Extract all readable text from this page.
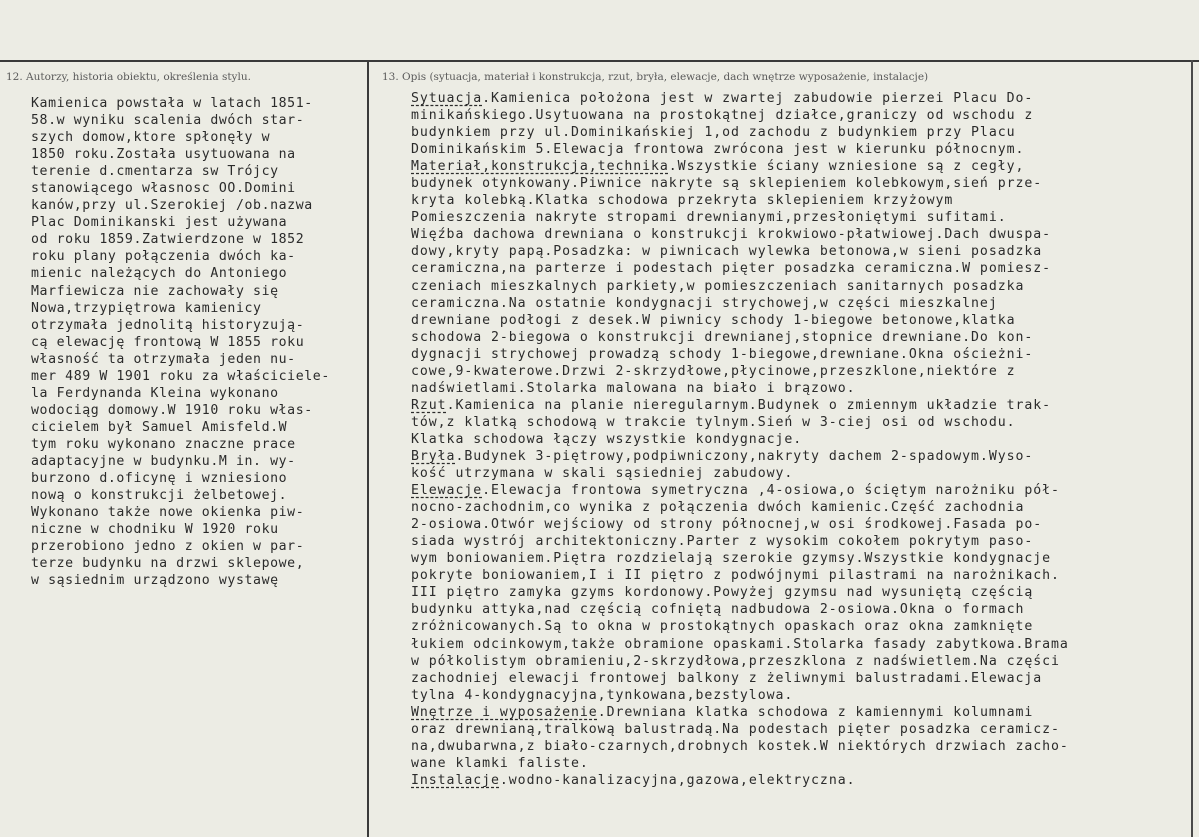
12. Autorzy, historia obiektu, określenia stylu.	13. Opis (sytuacja, materiał i konstrukcja, rzut, bryła, elewacje, dach wnętrze wyposażenie, instalacje)
Kamienica powstała w latach 1851-
58.w wyniku scalenia dwóch star-
szych domow,ktore spłonęły w
1850 roku.Została usytuowana na
terenie d.cmentarza sw Trójcy
stanowiącego własnosc OO.Domini
kanów,przy ul.Szerokiej /ob.nazwa
Plac Dominikanski jest używana
od roku 1859.Zatwierdzone w 1852
roku plany połączenia dwóch ka-
mienic należących do Antoniego
Marfiewicza nie zachowały się
Nowa,trzypiętrowa kamienicy
otrzymała jednolitą historyzują-
cą elewację frontową W 1855 roku
własność ta otrzymała jeden nu-
mer 489 W 1901 roku za właściciele-
la Ferdynanda Kleina wykonano
wodociąg domowy.W 1910 roku włas-
cicielem był Samuel Amisfeld.W
tym roku wykonano znaczne prace
adaptacyjne w budynku.M in. wy-
burzono d.oficynę i wzniesiono
nową o konstrukcji żelbetowej.
Wykonano także nowe okienka piw-
niczne w chodniku W 1920 roku
przerobiono jedno z okien w par-
terze budynku na drzwi sklepowe,
w sąsiednim urządzono wystawę
Sytuacja.Kamienica położona jest w zwartej zabudowie pierzei Placu Do-
minikańskiego.Usytuowana na prostokątnej działce,graniczy od wschodu z
budynkiem przy ul.Dominikańskiej 1,od zachodu z budynkiem przy Placu
Dominikańskim 5.Elewacja frontowa zwrócona jest w kierunku północnym.
Materiał,konstrukcja,technika.Wszystkie ściany wzniesione są z cegły,
budynek otynkowany.Piwnice nakryte są sklepieniem kolebkowym,sień prze-
kryta kolebką.Klatka schodowa przekryta sklepieniem krzyżowym
Pomieszczenia nakryte stropami drewnianymi,przesłoniętymi sufitami.
Więźba dachowa drewniana o konstrukcji krokwiowo-płatwiowej.Dach dwuspa-
dowy,kryty papą.Posadzka: w piwnicach wylewka betonowa,w sieni posadzka
ceramiczna,na parterze i podestach pięter posadzka ceramiczna.W pomiesz-
czeniach mieszkalnych parkiety,w pomieszczeniach sanitarnych posadzka
ceramiczna.Na ostatnie kondygnacji strychowej,w części mieszkalnej
drewniane podłogi z desek.W piwnicy schody 1-biegowe betonowe,klatka
schodowa 2-biegowa o konstrukcji drewnianej,stopnice drewniane.Do kon-
dygnacji strychowej prowadzą schody 1-biegowe,drewniane.Okna ościeżni-
cowe,9-kwaterowe.Drzwi 2-skrzydłowe,płycinowe,przeszklone,niektóre z
nadświetlami.Stolarka malowana na biało i brązowo.
Rzut.Kamienica na planie nieregularnym.Budynek o zmiennym układzie trak-
tów,z klatką schodową w trakcie tylnym.Sień w 3-ciej osi od wschodu.
Klatka schodowa łączy wszystkie kondygnacje.
Bryła.Budynek 3-piętrowy,podpiwniczony,nakryty dachem 2-spadowym.Wyso-
kość utrzymana w skali sąsiedniej zabudowy.
Elewacje.Elewacja frontowa symetryczna ,4-osiowa,o ściętym narożniku pół-
nocno-zachodnim,co wynika z połączenia dwóch kamienic.Część zachodnia
2-osiowa.Otwór wejściowy od strony północnej,w osi środkowej.Fasada po-
siada wystrój architektoniczny.Parter z wysokim cokołem pokrytym paso-
wym boniowaniem.Piętra rozdzielają szerokie gzymsy.Wszystkie kondygnacje
pokryte boniowaniem,I i II piętro z podwójnymi pilastrami na narożnikach.
III piętro zamyka gzyms kordonowy.Powyżej gzymsu nad wysuniętą częścią
budynku attyka,nad częścią cofniętą nadbudowa 2-osiowa.Okna o formach
zróżnicowanych.Są to okna w prostokątnych opaskach oraz okna zamknięte
łukiem odcinkowym,także obramione opaskami.Stolarka fasady zabytkowa.Brama
w półkolistym obramieniu,2-skrzydłowa,przeszklona z nadświetlem.Na części
zachodniej elewacji frontowej balkony z żeliwnymi balustradami.Elewacja
tylna 4-kondygnacyjna,tynkowana,bezstylowa.
Wnętrze i wyposażenie.Drewniana klatka schodowa z kamiennymi kolumnami
oraz drewnianą,tralkową balustradą.Na podestach pięter posadzka ceramicz-
na,dwubarwna,z biało-czarnych,drobnych kostek.W niektórych drzwiach zacho-
wane klamki faliste.
Instalacje.wodno-kanalizacyjna,gazowa,elektryczna.
